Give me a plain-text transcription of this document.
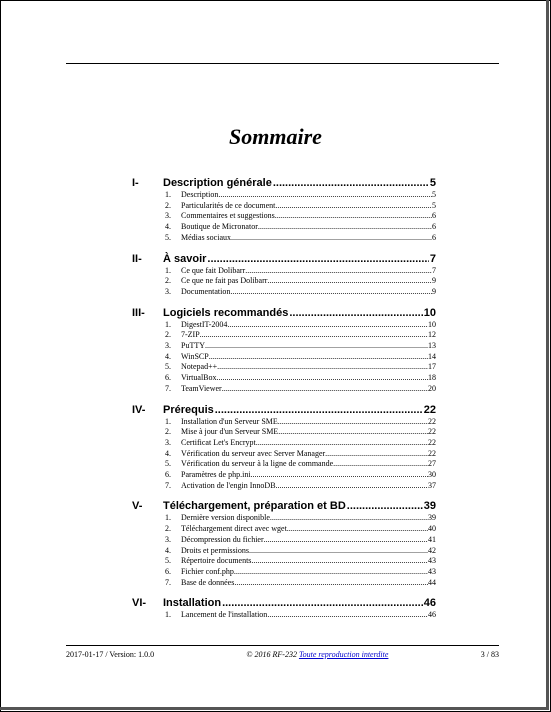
Sommaire
I-	Description générale .....	5
1.	Description .....	5
2.	Particularités de ce document .....	5
3.	Commentaires et suggestions .....	6
4.	Boutique de Micronator .....	6
5.	Médias sociaux .....	6
II-	À savoir .....	7
1.	Ce que fait Dolibarr .....	7
2.	Ce que ne fait pas Dolibarr .....	9
3.	Documentation .....	9
III-	Logiciels recommandés .....	10
1.	DigestIT-2004 .....	10
2.	7-ZIP .....	12
3.	PuTTY .....	13
4.	WinSCP .....	14
5.	Notepad++ .....	17
6.	VirtualBox .....	18
7.	TeamViewer .....	20
IV-	Prérequis .....	22
1.	Installation d'un Serveur SME .....	22
2.	Mise à jour d'un Serveur SME .....	22
3.	Certificat Let's Encrypt .....	22
4.	Vérification du serveur avec Server Manager .....	22
5.	Vérification du serveur à la ligne de commande .....	27
6.	Paramètres de php.ini .....	30
7.	Activation de l'engin InnoDB .....	37
V-	Téléchargement, préparation et BD .....	39
1.	Dernière version disponible .....	39
2.	Téléchargement direct avec wget .....	40
3.	Décompression du fichier .....	41
4.	Droits et permissions .....	42
5.	Répertoire documents .....	43
6.	Fichier conf.php .....	43
7.	Base de données .....	44
VI-	Installation .....	46
1.	Lancement de l'installation .....	46
2017-01-17 / Version: 1.0.0	© 2016 RF-232 Toute reproduction interdite	3 / 83
